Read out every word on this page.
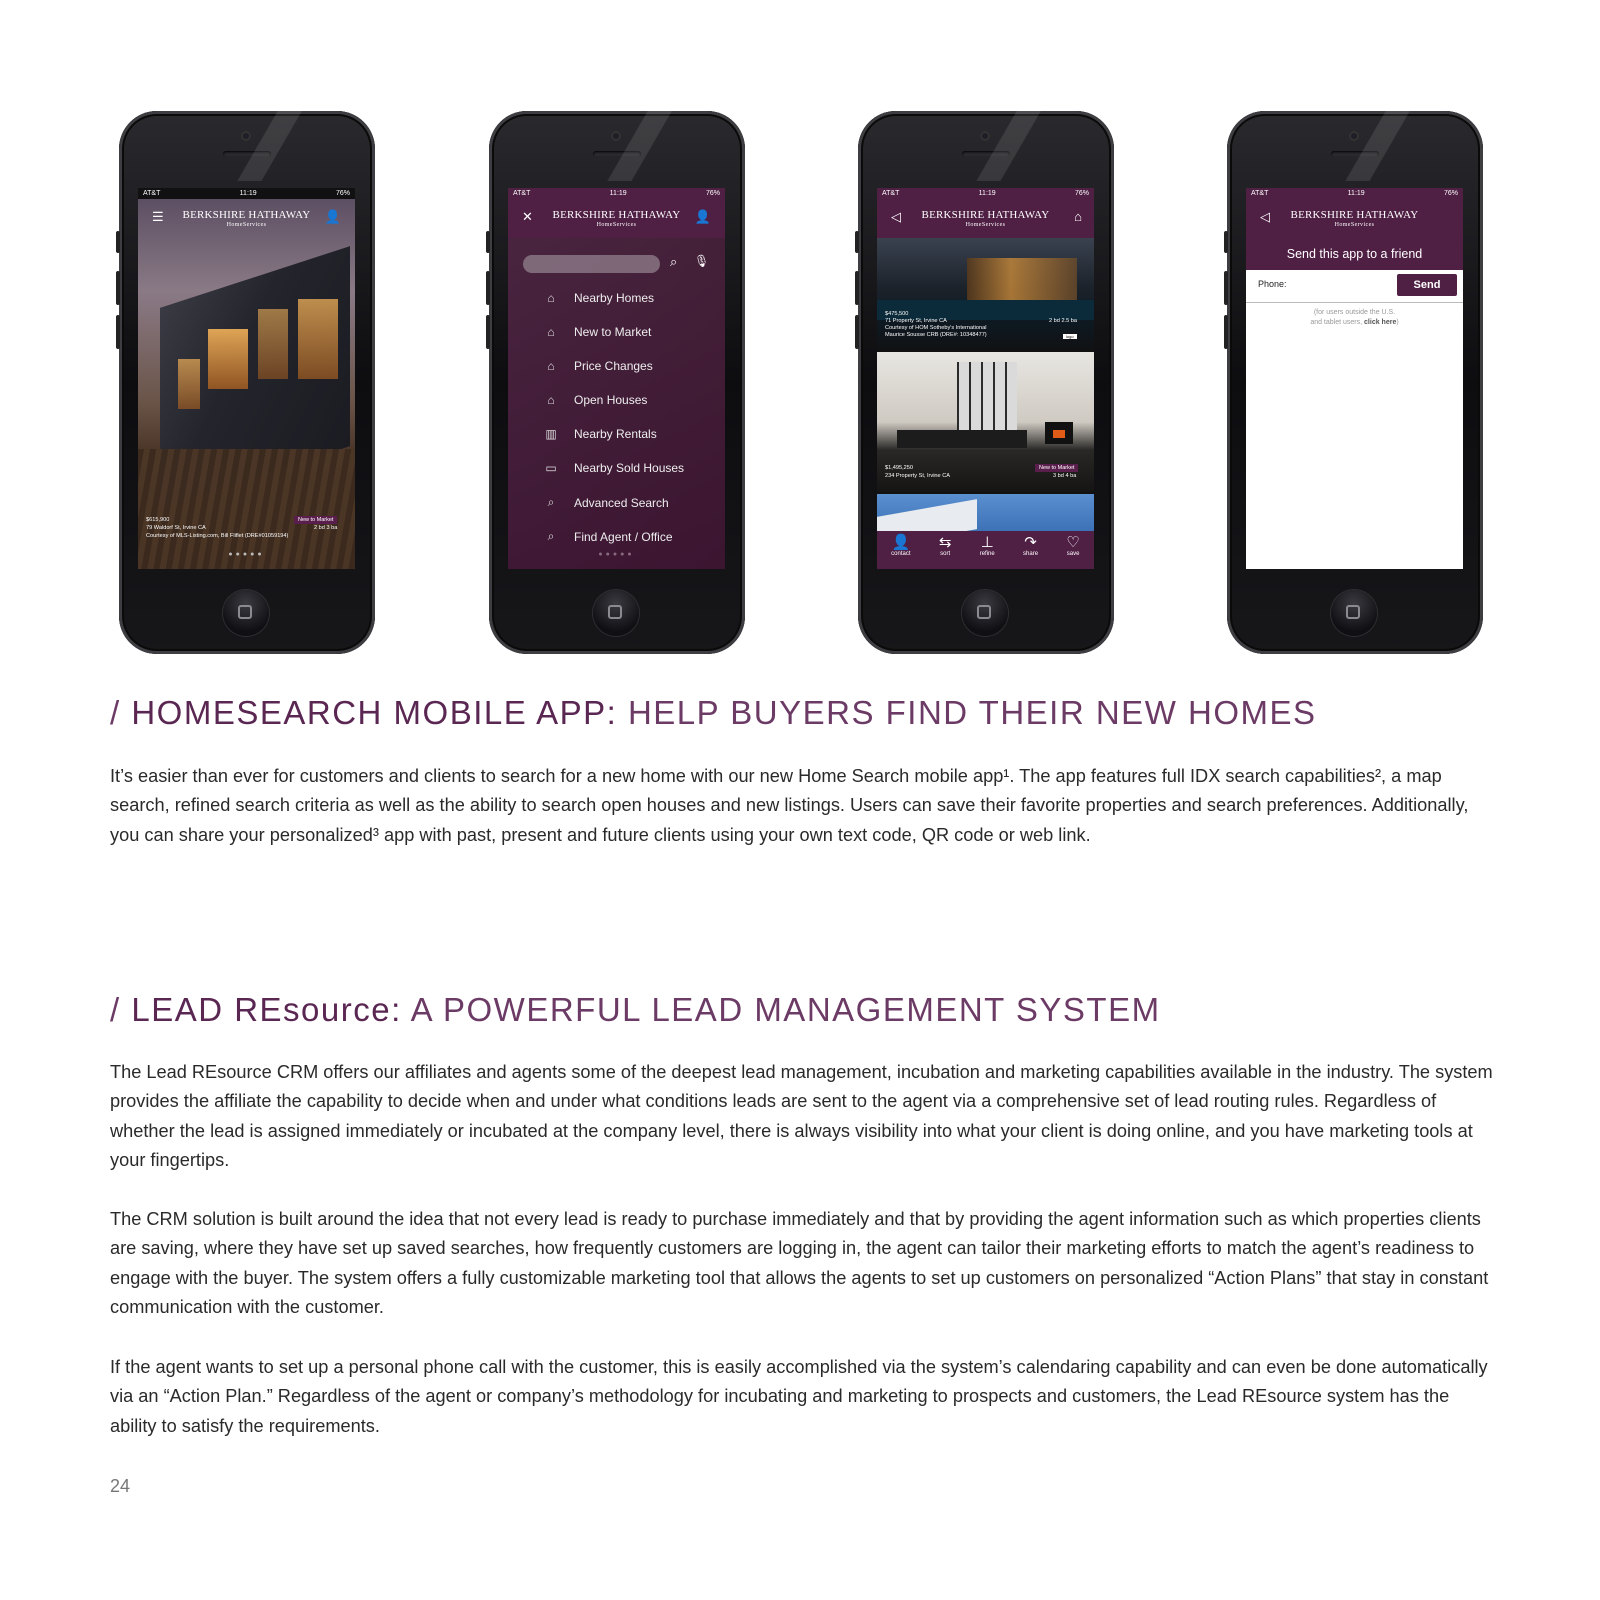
AT&T	11:19	76%
☰	BERKSHIRE HATHAWAY
HomeServices
👤
$615,900	New to Market
79 Waldorf St, Irvine CA	2 bd 3 ba
Courtesy of MLS-Listing.com, Bill Fliflet (DRE#01059194)
●●●●●
AT&T	11:19	76%
✕	BERKSHIRE HATHAWAY
HomeServices
👤
⌕ 🎙
⌂	Nearby Homes
⌂	New to Market
⌂	Price Changes
⌂	Open Houses
▥ Nearby Rentals
▭ Nearby Sold Houses
⌕	Advanced Search
⌕	Find Agent / Office
●●●●●
AT&T	11:19	76%
◁	BERKSHIRE HATHAWAY
HomeServices
⌂
$475,500
71 Property St, Irvine CA	2 bd 2.5 ba
Courtesy of HOM Sotheby's International
Maurice Sousse CRB (DRE#: 10348477)	logo
$1,495,250	New to Market
234 Property St, Irvine CA	3 bd 4 ba
👤
contact
⇆
sort
⊥
refine
↷
share
♡
save
AT&T	11:19	76%
◁	BERKSHIRE HATHAWAY
HomeServices
Send this app to a friend
Phone:	Send
(for users outside the U.S.
and tablet users, click here)
/ HOMESEARCH MOBILE APP: HELP BUYERS FIND THEIR NEW HOMES
It’s easier than ever for customers and clients to search for a new home with our new Home Search mobile app¹. The app features full IDX search capabilities², a map search, refined search criteria as well as the ability to search open houses and new listings. Users can save their favorite properties and search preferences. Additionally, you can share your personalized³ app with past, present and future clients using your own text code, QR code or web link.
/ LEAD REsource: A POWERFUL LEAD MANAGEMENT SYSTEM
The Lead REsource CRM offers our affiliates and agents some of the deepest lead management, incubation and marketing capabilities available in the industry. The system provides the affiliate the capability to decide when and under what conditions leads are sent to the agent via a comprehensive set of lead routing rules. Regardless of whether the lead is assigned immediately or incubated at the company level, there is always visibility into what your client is doing online, and you have marketing tools at your fingertips.
The CRM solution is built around the idea that not every lead is ready to purchase immediately and that by providing the agent information such as which properties clients are saving, where they have set up saved searches, how frequently customers are logging in, the agent can tailor their marketing efforts to match the agent’s readiness to engage with the buyer. The system offers a fully customizable marketing tool that allows the agents to set up customers on personalized “Action Plans” that stay in constant communication with the customer.
If the agent wants to set up a personal phone call with the customer, this is easily accomplished via the system’s calendaring capability and can even be done automatically via an “Action Plan.” Regardless of the agent or company’s methodology for incubating and marketing to prospects and customers, the Lead REsource system has the ability to satisfy the requirements.
24
